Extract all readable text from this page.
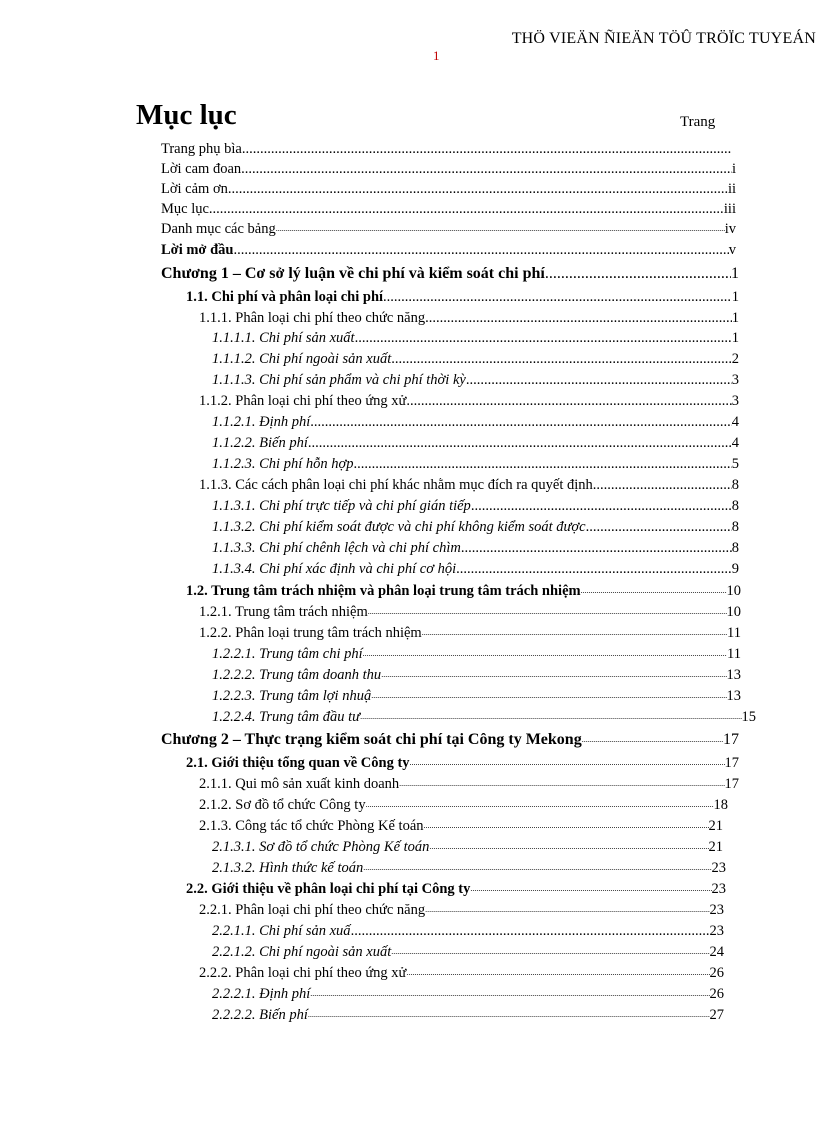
THÖ VIEÄN ÑIEÄN TÖÛ TRÖÏC TUYEÁN
1
Mục lục	Trang
Trang phụ bìa
.....
Lời cam đoan .....	i
Lời cảm ơn .....	ii
Mục lục .....	iii
Danh mục các bảng .....	iv
Lời mở đầu .....	v
Chương 1 – Cơ sở lý luận về chi phí và kiểm soát chi phí .....	1
1.1. Chi phí và phân loại chi phí .....	1
1.1.1. Phân loại chi phí theo chức năng .....	1
1.1.1.1. Chi phí sản xuất .....	1
1.1.1.2. Chi phí ngoài sản xuất .....	2
1.1.1.3. Chi phí sản phẩm và chi phí thời kỳ .....	3
1.1.2. Phân loại chi phí theo ứng xử .....	3
1.1.2.1. Định phí .....	4
1.1.2.2. Biến phí .....	4
1.1.2.3. Chi phí hỗn hợp .....	5
1.1.3. Các cách phân loại chi phí khác nhằm mục đích ra quyết định .....	8
1.1.3.1. Chi phí trực tiếp và chi phí gián tiếp .....	8
1.1.3.2. Chi phí kiểm soát được và chi phí không kiểm soát được .....	8
1.1.3.3. Chi phí chênh lệch và chi phí chìm .....	8
1.1.3.4. Chi phí xác định và chi phí cơ hội .....	9
1.2. Trung tâm trách nhiệm và phân loại trung tâm trách nhiệm .....	10
1.2.1. Trung tâm trách nhiệm .....	10
1.2.2. Phân loại trung tâm trách nhiệm .....	11
1.2.2.1. Trung tâm chi phí .....	11
1.2.2.2. Trung tâm doanh thu .....	13
1.2.2.3. Trung tâm lợi nhuậ .....	13
1.2.2.4. Trung tâm đầu tư .....	15
Chương 2 – Thực trạng kiểm soát chi phí tại Công ty Mekong .....	17
2.1. Giới thiệu tổng quan về Công ty .....	17
2.1.1. Qui mô sản xuất kinh doanh .....	17
2.1.2. Sơ đồ tổ chức Công ty .....	18
2.1.3. Công tác tổ chức Phòng Kế toán .....	21
2.1.3.1. Sơ đồ tổ chức Phòng Kế toán .....	21
2.1.3.2. Hình thức kế toán .....	23
2.2. Giới thiệu về phân loại chi phí tại Công ty .....	23
2.2.1. Phân loại chi phí theo chức năng .....	23
2.2.1.1. Chi phí sản xuấ .....	23
2.2.1.2. Chi phí ngoài sản xuất .....	24
2.2.2. Phân loại chi phí theo ứng xử .....	26
2.2.2.1. Định phí .....	26
2.2.2.2. Biến phí .....	27
